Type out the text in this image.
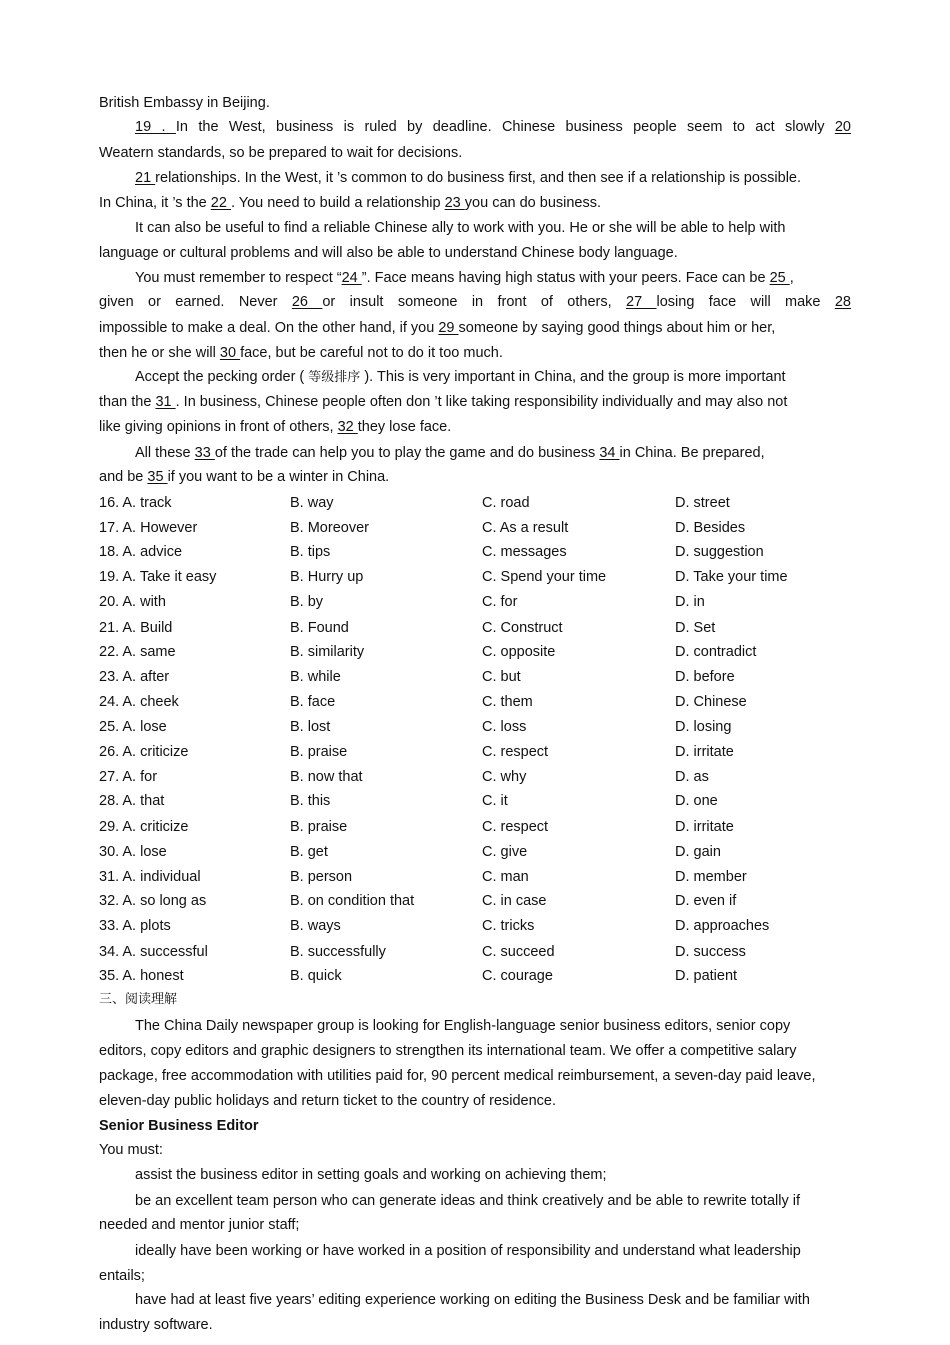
British Embassy in Beijing.
19 . In the West, business is ruled by deadline. Chinese business people seem to act slowly 20
Weatern standards, so be prepared to wait for decisions.
21 relationships. In the West, it ’s common to do business first, and then see if a relationship is possible.
In China, it ’s the 22 . You need to build a relationship 23 you can do business.
It can also be useful to find a reliable Chinese ally to work with you. He or she will be able to help with
language or cultural problems and will also be able to understand Chinese body language.
You must remember to respect “24 ”. Face means having high status with your peers. Face can be 25 ,
given or earned. Never 26 or insult someone in front of others, 27 losing face will make 28
impossible to make a deal. On the other hand, if you 29 someone by saying good things about him or her,
then he or she will 30 face, but be careful not to do it too much.
Accept the pecking order ( 等级排序 ). This is very important in China, and the group is more important
than the 31 . In business, Chinese people often don ’t like taking responsibility individually and may also not
like giving opinions in front of others, 32 they lose face.
All these 33 of the trade can help you to play the game and do business 34 in China. Be prepared,
and be 35 if you want to be a winter in China.
16. A. track	B. way	C. road	D. street
17. A. However	B. Moreover	C. As a result	D. Besides
18. A. advice	B. tips	C. messages	D. suggestion
19. A. Take it easy	B. Hurry up	C. Spend your time	D. Take your time
20. A. with	B. by	C. for	D. in
21. A. Build	B. Found	C. Construct	D. Set
22. A. same	B. similarity	C. opposite	D. contradict
23. A. after	B. while	C. but	D. before
24. A. cheek	B. face	C. them	D. Chinese
25. A. lose	B. lost	C. loss	D. losing
26. A. criticize	B. praise	C. respect	D. irritate
27. A. for	B. now that	C. why	D. as
28. A. that	B. this	C. it	D. one
29. A. criticize	B. praise	C. respect	D. irritate
30. A. lose	B. get	C. give	D. gain
31. A. individual	B. person	C. man	D. member
32. A. so long as	B. on condition that	C. in case	D. even if
33. A. plots	B. ways	C. tricks	D. approaches
34. A. successful	B. successfully	C. succeed	D. success
35. A. honest	B. quick	C. courage	D. patient
三、阅读理解
The China Daily newspaper group is looking for English-language senior business editors, senior copy
editors, copy editors and graphic designers to strengthen its international team. We offer a competitive salary
package, free accommodation with utilities paid for, 90 percent medical reimbursement, a seven-day paid leave,
eleven-day public holidays and return ticket to the country of residence.
Senior Business Editor
You must:
assist the business editor in setting goals and working on achieving them;
be an excellent team person who can generate ideas and think creatively and be able to rewrite totally if
needed and mentor junior staff;
ideally have been working or have worked in a position of responsibility and understand what leadership
entails;
have had at least five years’ editing experience working on editing the Business Desk and be familiar with
industry software.
